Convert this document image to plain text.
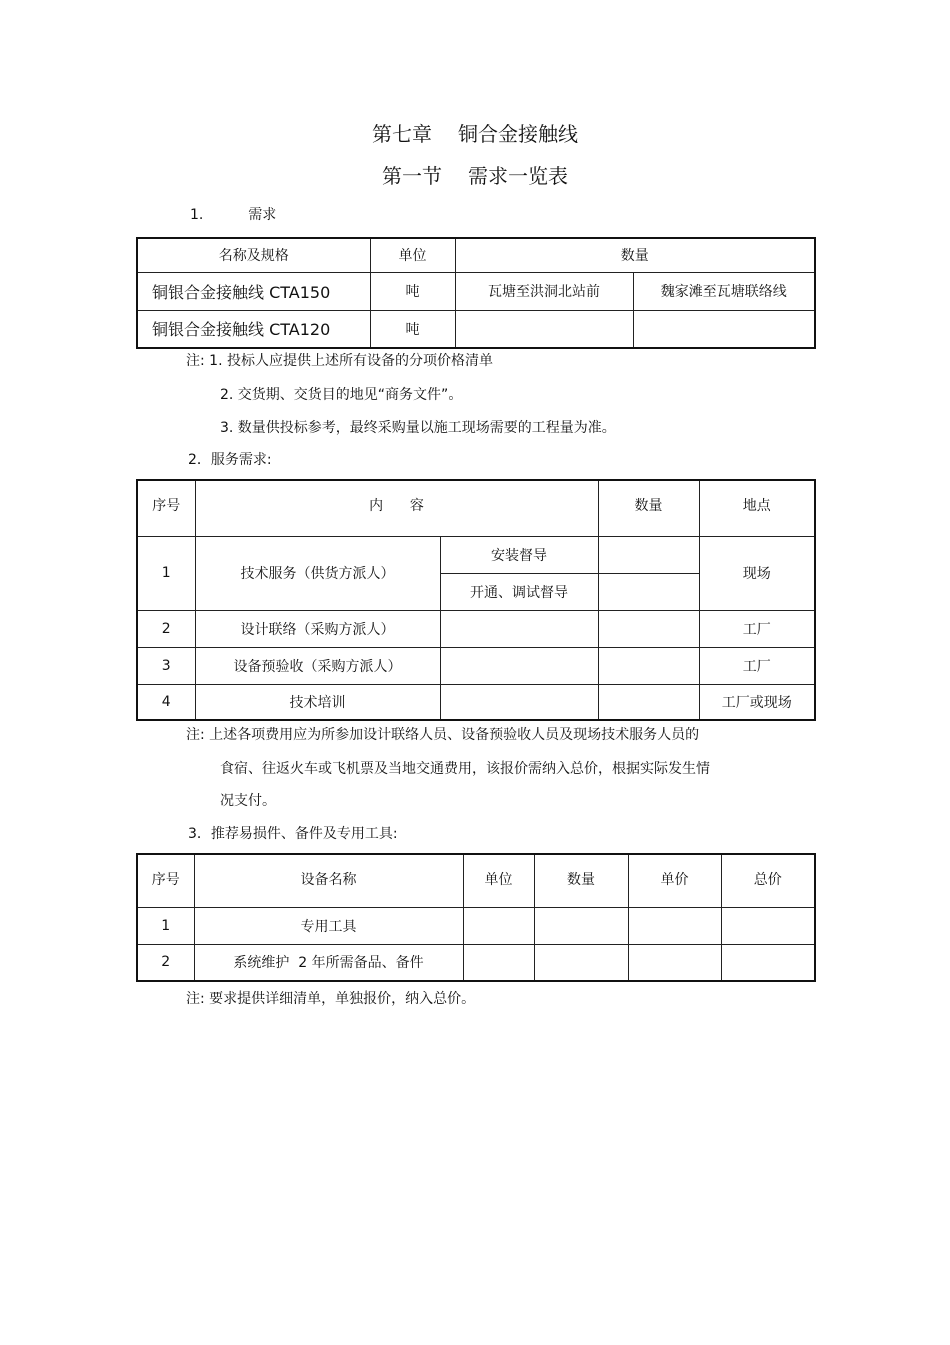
第七章 铜合金接触线
第一节 需求一览表
1.	需求
名称及规格	单位	数量	
铜银合金接触线 CTA150	吨	瓦塘至洪洞北站前	魏家滩至瓦塘联络线
铜银合金接触线 CTA120	吨		
注: 1. 投标人应提供上述所有设备的分项价格清单
2. 交货期、交货目的地见“商务文件”。
3. 数量供投标参考，最终采购量以施工现场需要的工程量为准。
2．服务需求:
序号	内      容		数量	地点
1	技术服务（供货方派人）	安装督导		现场
		开通、调试督导		
2	设计联络（采购方派人）			工厂
3	设备预验收（采购方派人）			工厂
4	技术培训			工厂或现场
注: 上述各项费用应为所参加设计联络人员、设备预验收人员及现场技术服务人员的
食宿、往返火车或飞机票及当地交通费用，该报价需纳入总价，根据实际发生情
况支付。
3．推荐易损件、备件及专用工具:
序号	设备名称	单位	数量	单价	总价
1	专用工具				
2	系统维护  2 年所需备品、备件				
注: 要求提供详细清单，单独报价，纳入总价。
